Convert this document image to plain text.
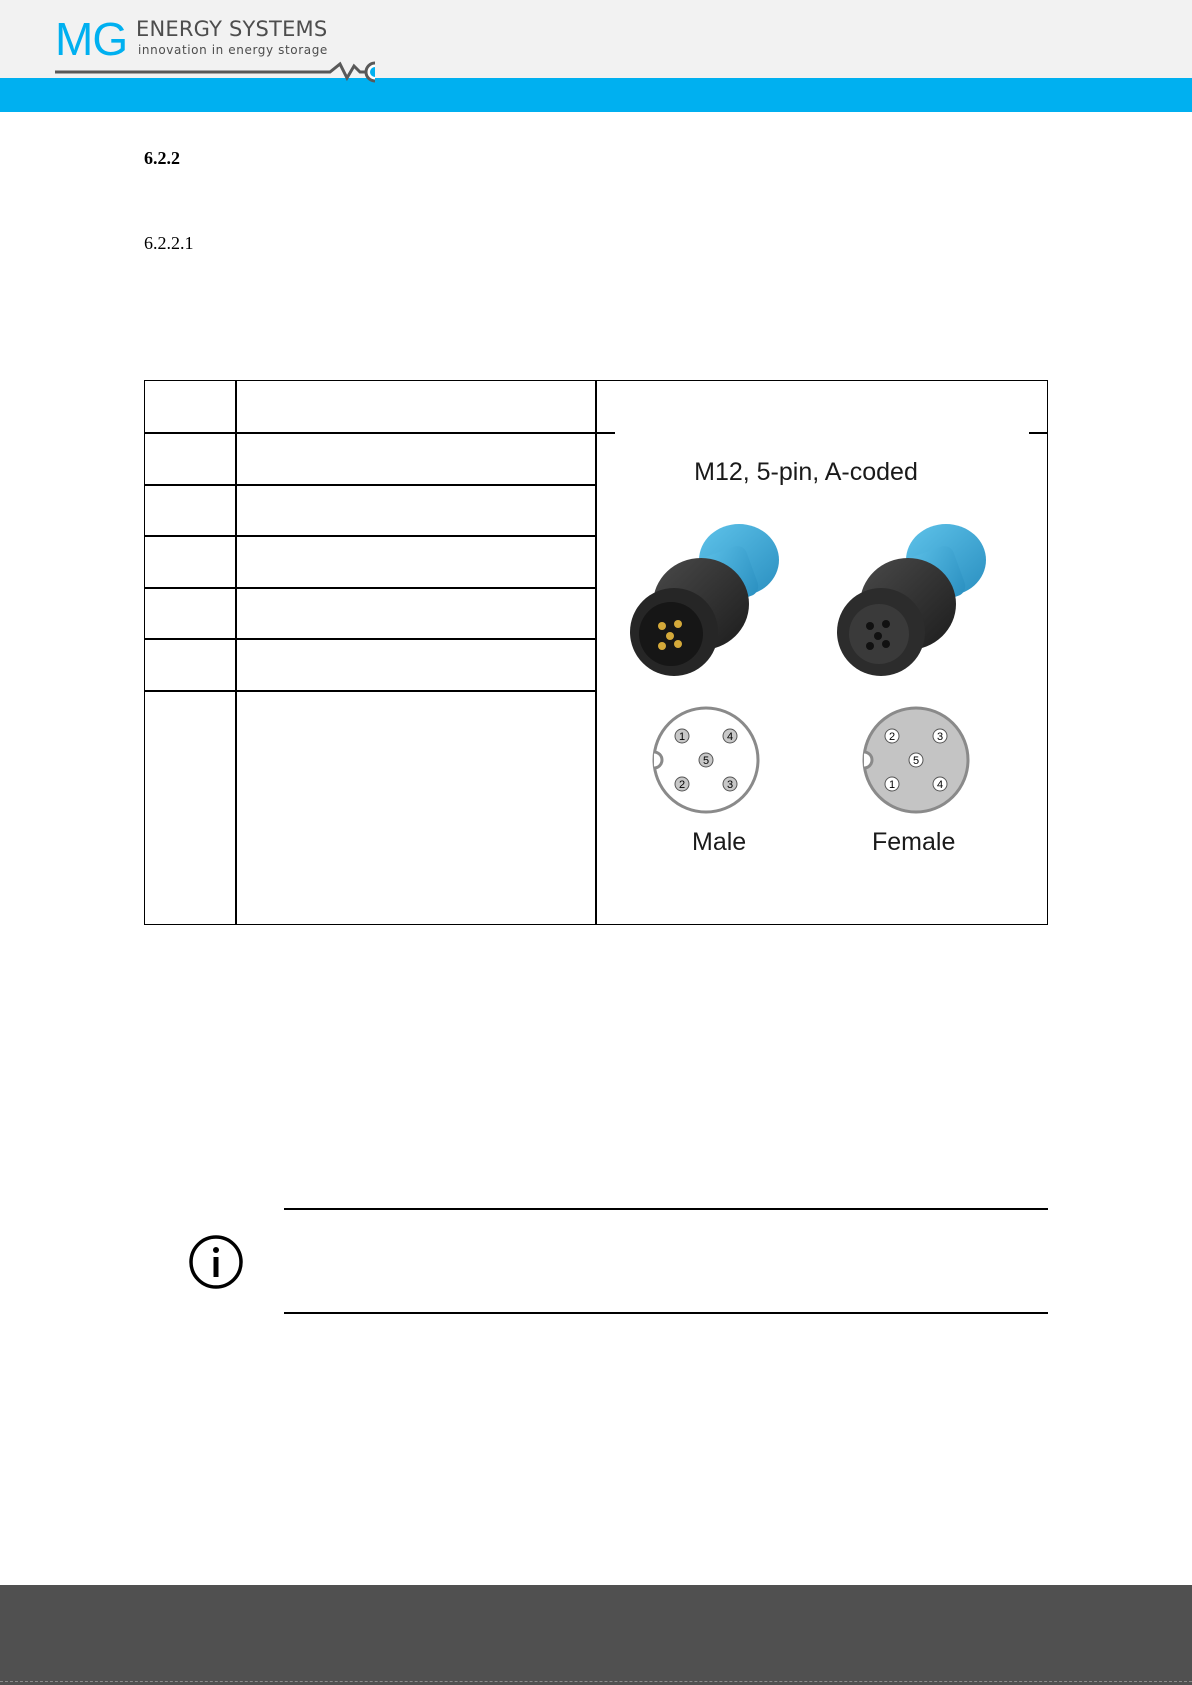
MG ENERGY SYSTEMS
innovation in energy storage
6.2.2
6.2.2.1
M12, 5-pin, A-coded
1	4
5
2	3
2	3
5
1	4
Male	Female
